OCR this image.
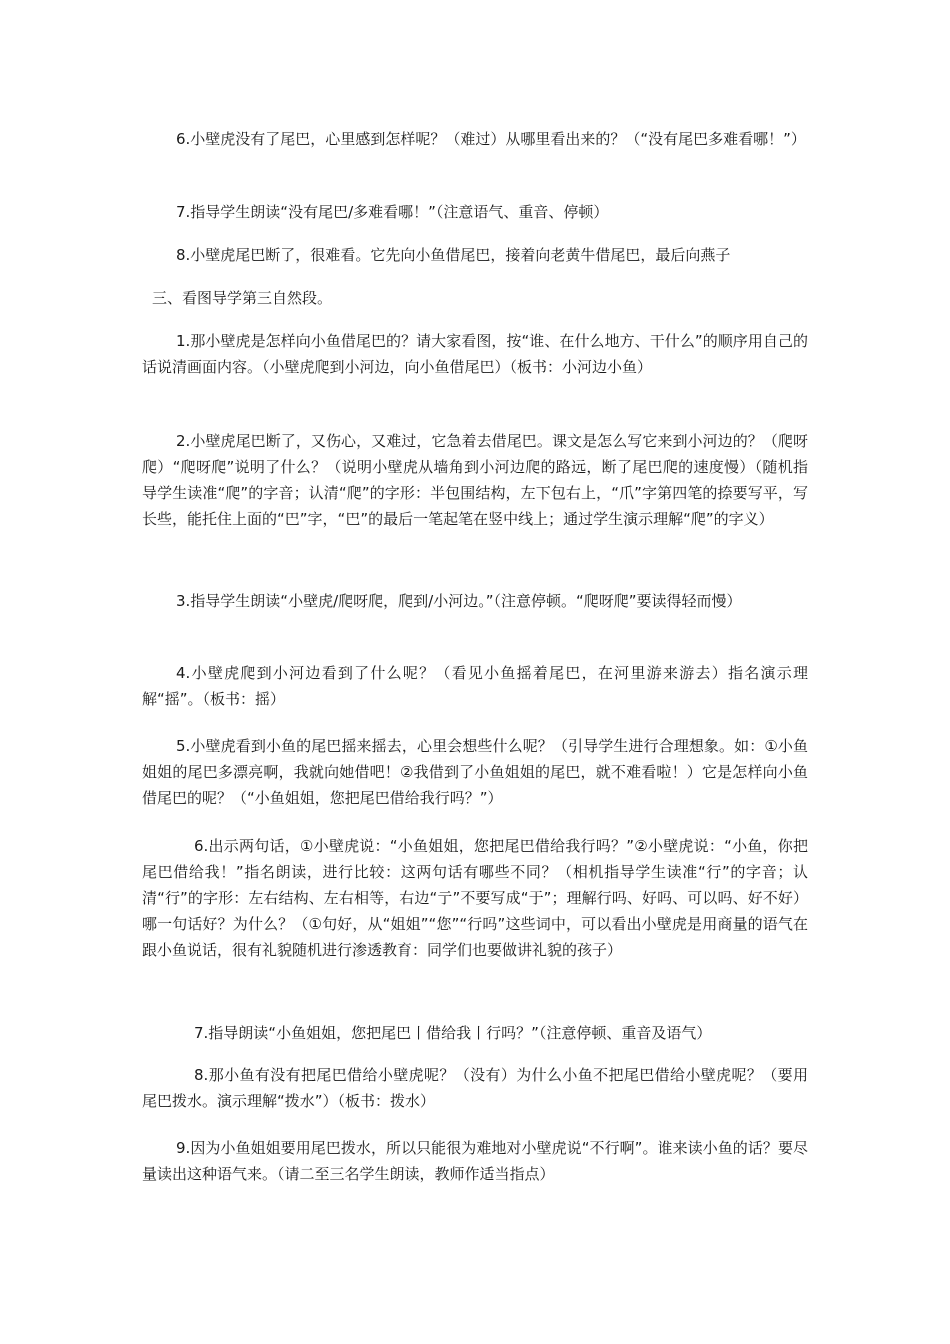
6.小壁虎没有了尾巴，心里感到怎样呢？（难过）从哪里看出来的？（“没有尾巴多难看哪！”）

7.指导学生朗读“没有尾巴/多难看哪！”（注意语气、重音、停顿）

8.小壁虎尾巴断了，很难看。它先向小鱼借尾巴，接着向老黄牛借尾巴，最后向燕子

三、看图导学第三自然段。

1.那小壁虎是怎样向小鱼借尾巴的？请大家看图，按“谁、在什么地方、干什么”的顺序用自己的话说清画面内容。（小壁虎爬到小河边，向小鱼借尾巴）（板书：小河边小鱼）

2.小壁虎尾巴断了，又伤心，又难过，它急着去借尾巴。课文是怎么写它来到小河边的？（爬呀爬）“爬呀爬”说明了什么？（说明小壁虎从墙角到小河边爬的路远，断了尾巴爬的速度慢）（随机指导学生读准“爬”的字音；认清“爬”的字形：半包围结构，左下包右上，“爪”字第四笔的捺要写平，写长些，能托住上面的“巴”字，“巴”的最后一笔起笔在竖中线上；通过学生演示理解“爬”的字义）

3.指导学生朗读“小壁虎/爬呀爬，爬到/小河边。”（注意停顿。“爬呀爬”要读得轻而慢）

4.小壁虎爬到小河边看到了什么呢？（看见小鱼摇着尾巴，在河里游来游去）指名演示理解“摇”。（板书：摇）

5.小壁虎看到小鱼的尾巴摇来摇去，心里会想些什么呢？（引导学生进行合理想象。如：①小鱼姐姐的尾巴多漂亮啊，我就向她借吧！②我借到了小鱼姐姐的尾巴，就不难看啦！）它是怎样向小鱼借尾巴的呢？（“小鱼姐姐，您把尾巴借给我行吗？”）

6.出示两句话，①小壁虎说：“小鱼姐姐，您把尾巴借给我行吗？”②小壁虎说：“小鱼，你把尾巴借给我！”指名朗读，进行比较：这两句话有哪些不同？（相机指导学生读准“行”的字音；认清“行”的字形：左右结构、左右相等，右边“亍”不要写成“于”；理解行吗、好吗、可以吗、好不好）哪一句话好？为什么？（①句好，从“姐姐”“您”“行吗”这些词中，可以看出小壁虎是用商量的语气在跟小鱼说话，很有礼貌随机进行渗透教育：同学们也要做讲礼貌的孩子）

7.指导朗读“小鱼姐姐，您把尾巴丨借给我丨行吗？”（注意停顿、重音及语气）

8.那小鱼有没有把尾巴借给小壁虎呢？（没有）为什么小鱼不把尾巴借给小壁虎呢？（要用尾巴拨水。演示理解“拨水”）（板书：拨水）

9.因为小鱼姐姐要用尾巴拨水，所以只能很为难地对小壁虎说“不行啊”。谁来读小鱼的话？要尽量读出这种语气来。（请二至三名学生朗读，教师作适当指点）
